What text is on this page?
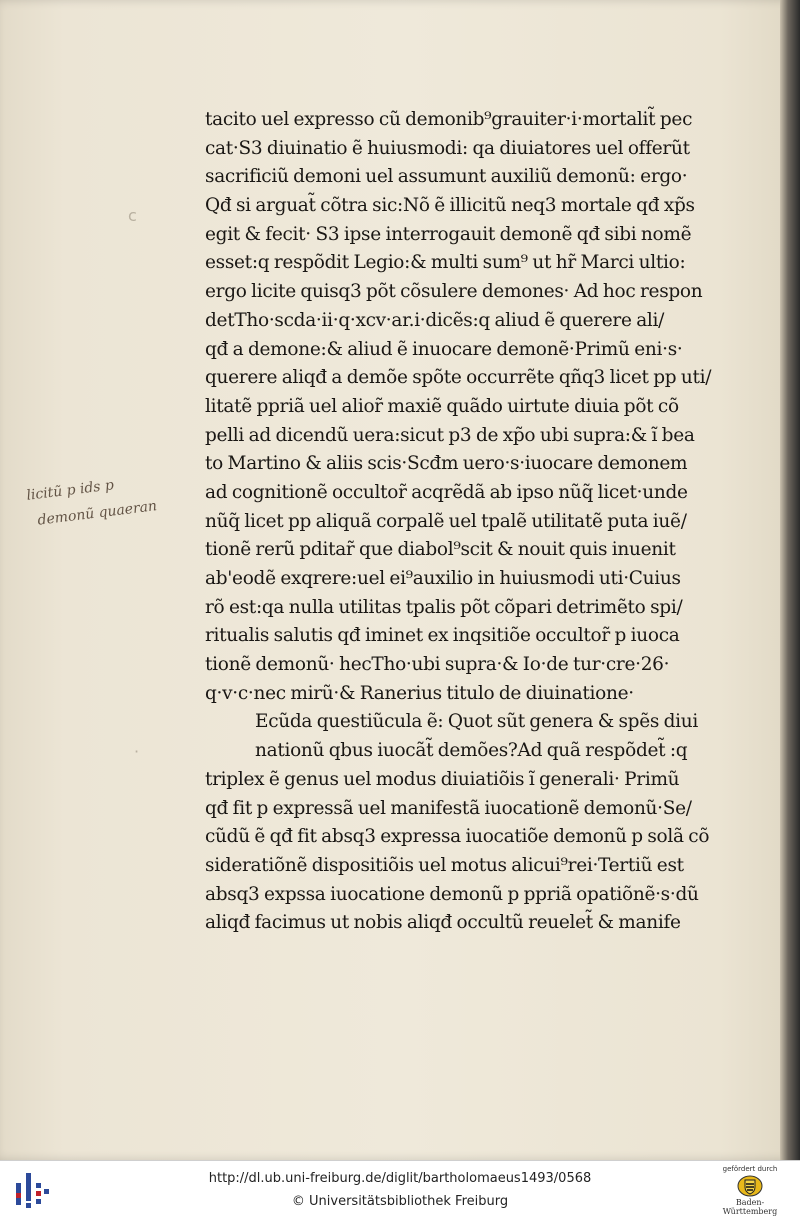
c
·
licitũ p ids p
demonũ quaeran
tacito uel expresso cũ demonib⁹grauiter·i·mortalit̃ pec
cat·S3 diuinatio ẽ huiusmodi: qa diuiatores uel offerũt
sacrificiũ demoni uel assumunt auxiliũ demonũ: ergo·
Qđ si arguat̃ cõtra sic:Nõ ẽ illicitũ neq3 mortale qđ xp̃s
egit & fecit· S3 ipse interrogauit demonẽ qđ sibi nomẽ
esset:q respõdit Legio:& multi sum⁹ ut hr̃ Marci ultio:
ergo licite quisq3 põt cõsulere demones· Ad hoc respon
detTho·scda·ii·q·xcv·ar.i·dicẽs:q aliud ẽ querere ali/
qđ a demone:& aliud ẽ inuocare demonẽ·Primũ eni·s·
querere aliqđ a demõe spõte occurrẽte qñq3 licet pp uti/
litatẽ ppriã uel alior̃ maxiẽ quãdo uirtute diuia põt cõ
pelli ad dicendũ uera:sicut p3 de xp̃o ubi supra:& ĩ bea
to Martino & aliis scis·Scđm uero·s·iuocare demonem
ad cognitionẽ occultor̃ acqrẽdã ab ipso nũq̃ licet·unde
nũq̃ licet pp aliquã corpalẽ uel tpalẽ utilitatẽ puta iuẽ/
tionẽ rerũ pditar̃ que diabol⁹scit & nouit quis inuenit
ab'eodẽ exqrere:uel ei⁹auxilio in huiusmodi uti·Cuius
rõ est:qa nulla utilitas tpalis põt cõpari detrimẽto spi/
ritualis salutis qđ iminet ex inqsitiõe occultor̃ p iuoca
tionẽ demonũ· hecTho·ubi supra·& Io·de tur·cre·26·
q·v·c·nec mirũ·& Ranerius titulo de diuinatione·
Ecũda questiũcula ẽ: Quot sũt genera & spẽs diui
nationũ qbus iuocãt̃ demões?Ad quã respõdet̃ :q
triplex ẽ genus uel modus diuiatiõis ĩ generali· Primũ
qđ fit p expressã uel manifestã iuocationẽ demonũ·Se/
cũdũ ẽ qđ fit absq3 expressa iuocatiõe demonũ p solã cõ
sideratiõnẽ dispositiõis uel motus alicui⁹rei·Tertiũ est
absq3 expssa iuocatione demonũ p ppriã opatiõnẽ·s·dũ
aliqđ facimus ut nobis aliqđ occultũ reuelet̃ & manife
http://dl.ub.uni-freiburg.de/diglit/bartholomaeus1493/0568
© Universitätsbibliothek Freiburg
gefördert durch
Baden-Württemberg
